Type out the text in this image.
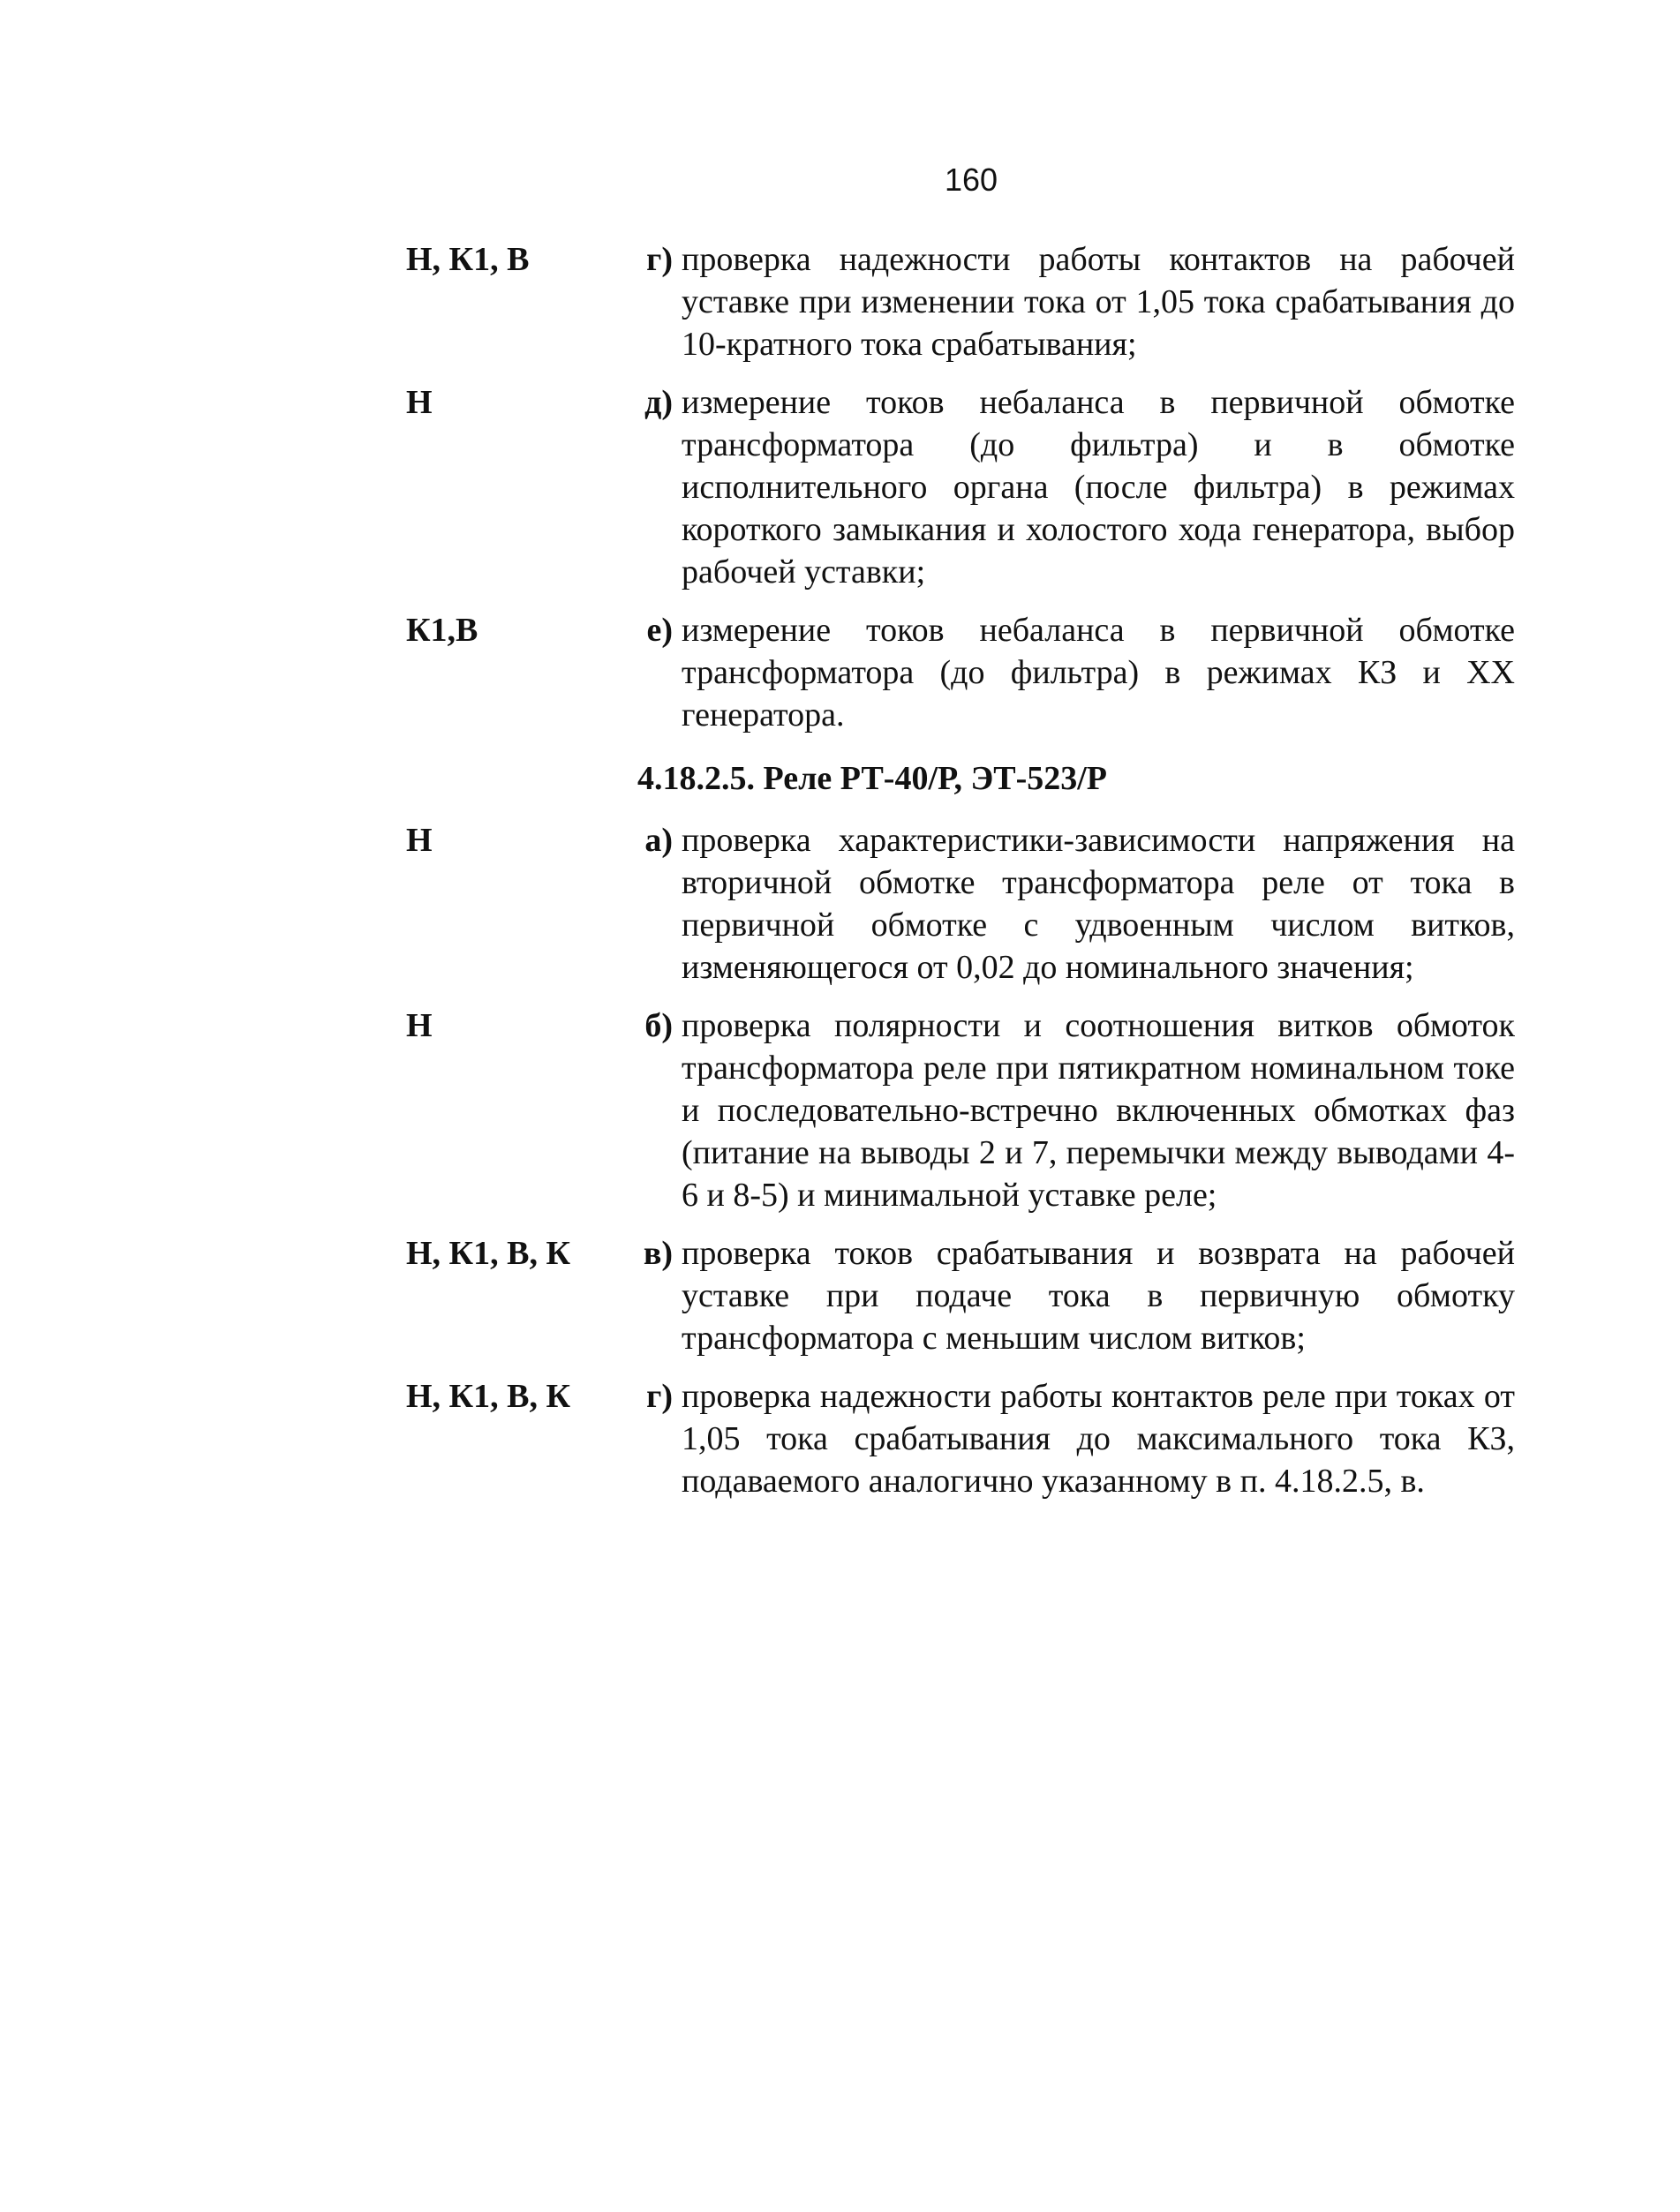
160
Н, К1, В	г) проверка надежности работы контактов на рабочей уставке при изменении тока от 1,05 тока срабатывания до 10-кратного тока срабатывания;
Н	д) измерение токов небаланса в первичной обмотке трансформатора (до фильтра) и в обмотке исполнительного органа (после фильтра) в режимах короткого замыкания и холостого хода генератора, выбор рабочей уставки;
К1,В	е) измерение токов небаланса в первичной обмотке трансформатора (до фильтра) в режимах КЗ и XX генератора.
4.18.2.5. Реле РТ-40/Р, ЭТ-523/Р
Н	а) проверка характеристики-зависимости напряжения на вторичной обмотке трансформатора реле от тока в первичной обмотке с удвоенным числом витков, изменяющегося от 0,02 до номинального значения;
Н	б) проверка полярности и соотношения витков обмоток трансформатора реле при пятикратном номинальном токе и последовательно-встречно включенных обмотках фаз (питание на выводы 2 и 7, перемычки между выводами 4-6 и 8-5) и минимальной уставке реле;
Н, К1, В, К	в) проверка токов срабатывания и возврата на рабочей уставке при подаче тока в первичную обмотку трансформатора с меньшим числом витков;
Н, К1, В, К	г) проверка надежности работы контактов реле при токах от 1,05 тока срабатывания до максимального тока КЗ, подаваемого аналогично указанному в п. 4.18.2.5, в.
